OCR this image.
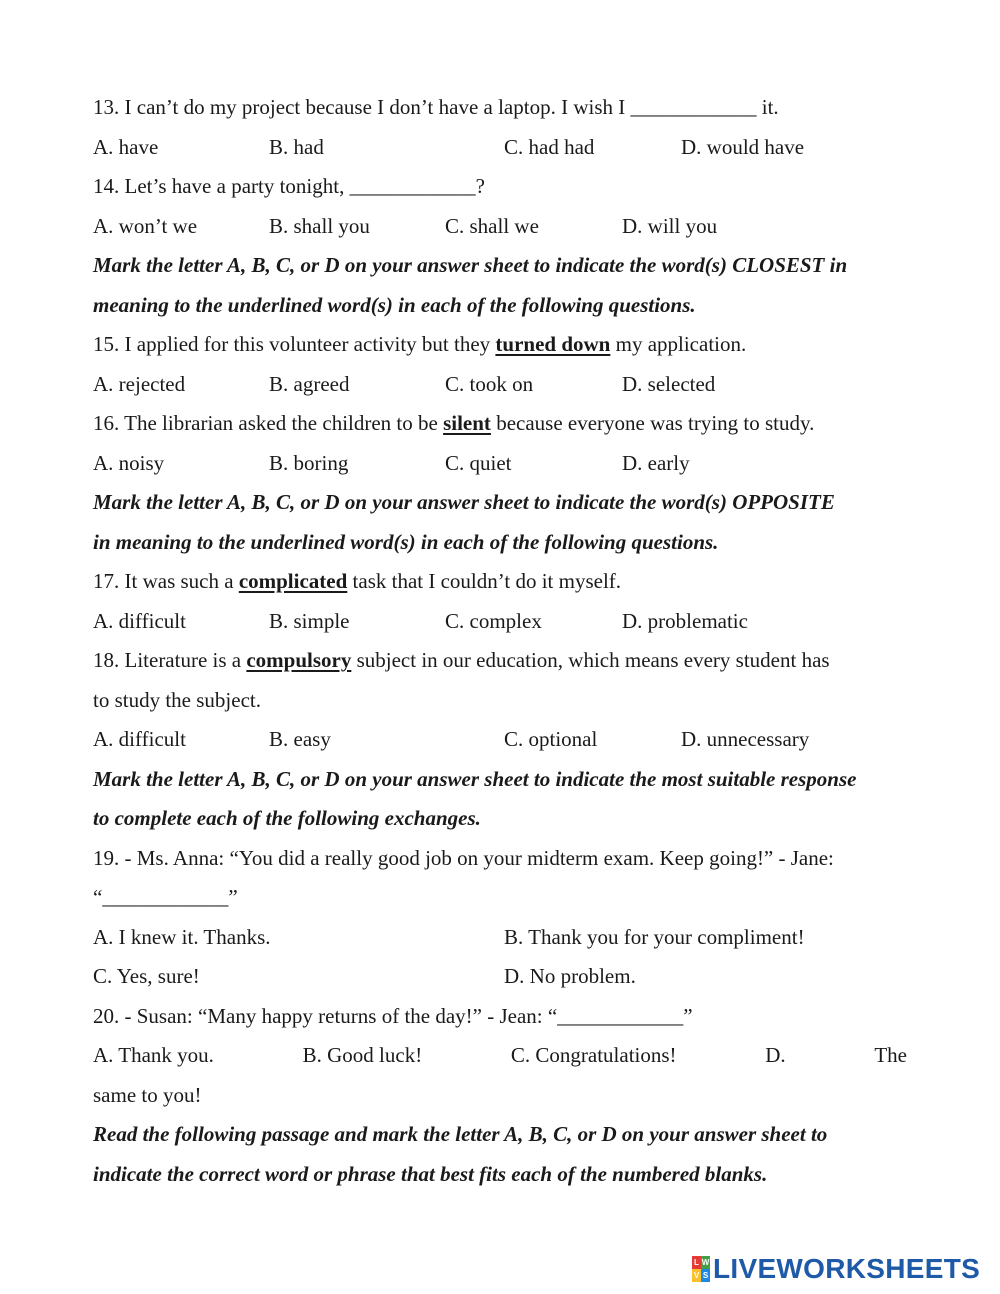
13. I can’t do my project because I don’t have a laptop. I wish I ____________ it.
A. have	B. had	C. had had	D. would have
14. Let’s have a party tonight, ____________?
A. won’t we	B. shall you	C. shall we	D. will you
Mark the letter A, B, C, or D on your answer sheet to indicate the word(s) CLOSEST in
meaning to the underlined word(s) in each of the following questions.
15. I applied for this volunteer activity but they turned down my application.
A. rejected	B. agreed	C. took on	D. selected
16. The librarian asked the children to be silent because everyone was trying to study.
A. noisy	B. boring	C. quiet	D. early
Mark the letter A, B, C, or D on your answer sheet to indicate the word(s) OPPOSITE
in meaning to the underlined word(s) in each of the following questions.
17. It was such a complicated task that I couldn’t do it myself.
A. difficult	B. simple	C. complex	D. problematic
18. Literature is a compulsory subject in our education, which means every student has
to study the subject.
A. difficult	B. easy	C. optional	D. unnecessary
Mark the letter A, B, C, or D on your answer sheet to indicate the most suitable response
to complete each of the following exchanges.
19. - Ms. Anna: “You did a really good job on your midterm exam. Keep going!” - Jane:
“____________”
A. I knew it. Thanks.	B. Thank you for your compliment!
C. Yes, sure!	D. No problem.
20. - Susan: “Many happy returns of the day!” - Jean: “____________”
A. Thank you.	B. Good luck!	C. Congratulations!	D.	The
same to you!
Read the following passage and mark the letter A, B, C, or D on your answer sheet to
indicate the correct word or phrase that best fits each of the numbered blanks.
L W
V S LIVEWORKSHEETS
